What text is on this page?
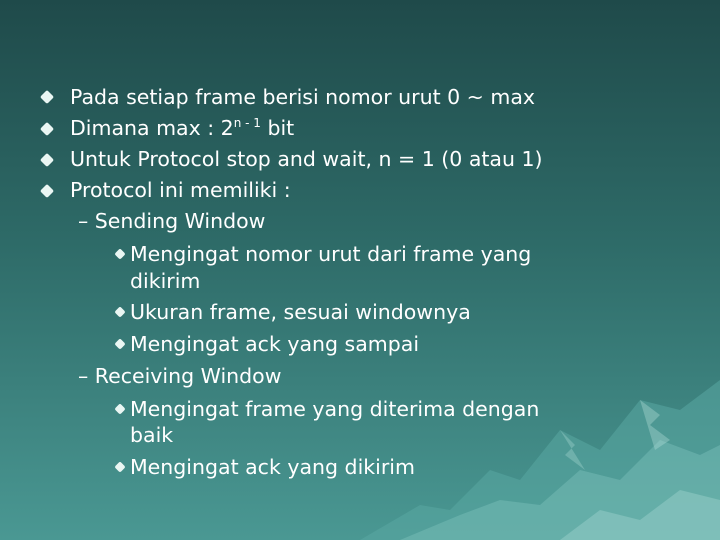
Pada setiap frame berisi nomor urut 0 ~ max
Dimana max : 2$^{n - 1}$ bit
Untuk Protocol stop and wait, n = 1 (0 atau 1)
Protocol ini memiliki :
– Sending Window
Mengingat nomor urut dari frame yang
dikirim
Ukuran frame, sesuai windownya
Mengingat ack yang sampai
– Receiving Window
Mengingat frame yang diterima dengan
baik
Mengingat ack yang dikirim
